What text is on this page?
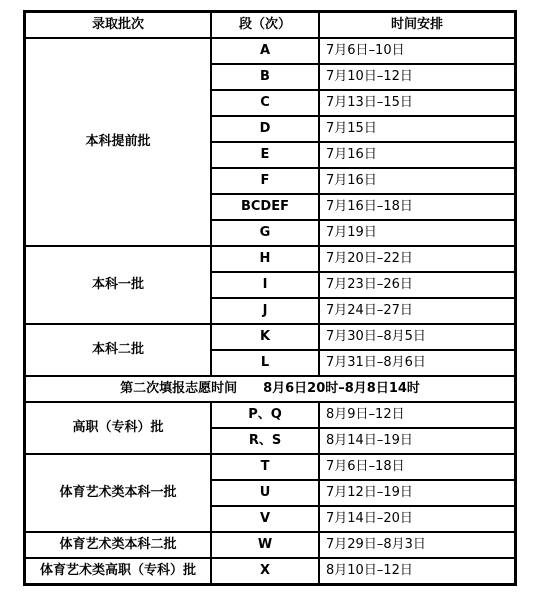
录取批次	段（次）	时间安排
本科提前批	A	7月6日–10日
	B	7月10日–12日
	C	7月13日–15日
	D	7月15日
	E	7月16日
	F	7月16日
	BCDEF	7月16日–18日
	G	7月19日
本科一批	H	7月20日–22日
	I	7月23日–26日
	J	7月24日–27日
本科二批	K	7月30日–8月5日
	L	7月31日–8月6日
第二次填报志愿时间　　8月6日20时–8月8日14时		
高职（专科）批	P、Q	8月9日–12日
	R、S	8月14日–19日
体育艺术类本科一批	T	7月6日–18日
	U	7月12日–19日
	V	7月14日–20日
体育艺术类本科二批	W	7月29日–8月3日
体育艺术类高职（专科）批	X	8月10日–12日
